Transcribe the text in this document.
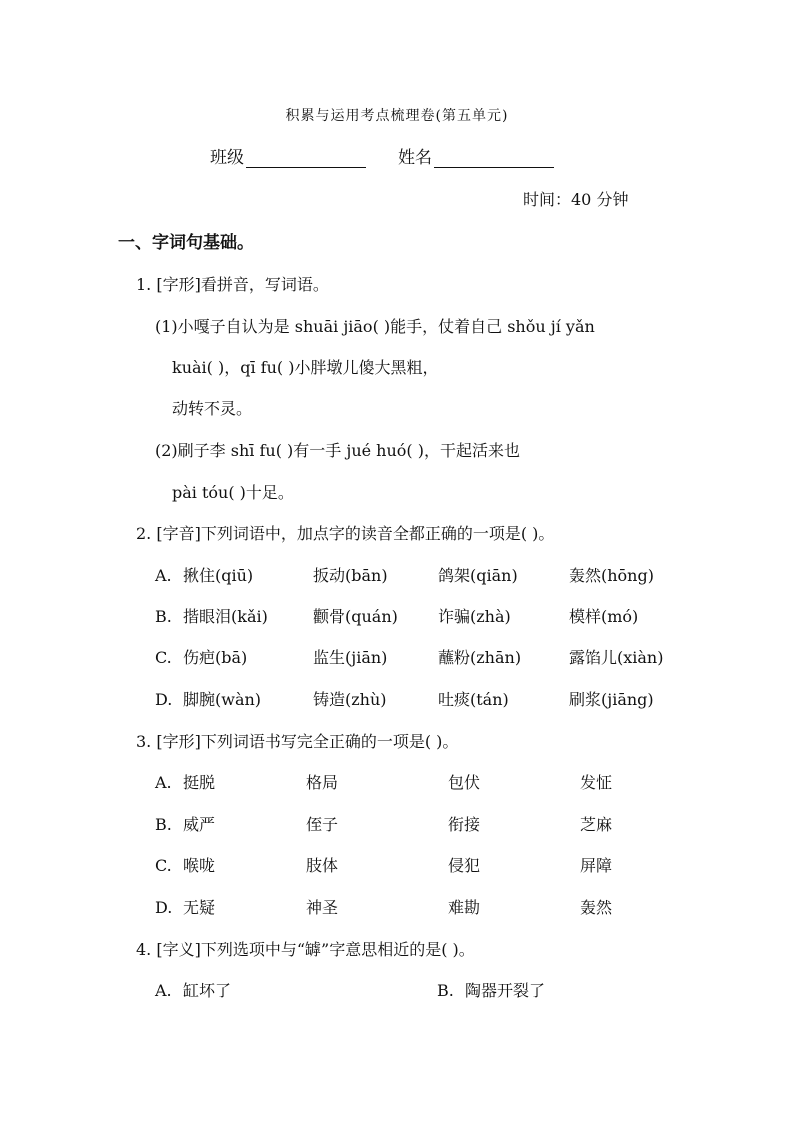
积累与运用考点梳理卷(第五单元)
班级	姓名
时间：40 分钟
一、字词句基础。
1. [字形]看拼音，写词语。
(1)小嘎子自认为是 shuāi jiāo( )能手，仗着自己 shǒu jí yǎn
kuài( )，qī fu( )小胖墩儿傻大黑粗，
动转不灵。
(2)刷子李 shī fu( )有一手 jué huó( )，干起活来也
pài tóu( )十足。
2. [字音]下列词语中，加点字的读音全都正确的一项是( )。
A. 揪住(qiū)	扳动(bān)	鸽架(qiān)	轰然(hōng)
B. 揩眼泪(kǎi)	颧骨(quán)	诈骗(zhà)	模样(mó)
C. 伤疤(bā)	监生(jiān)	蘸粉(zhān)	露馅儿(xiàn)
D. 脚腕(wàn)	铸造(zhù)	吐痰(tán)	刷浆(jiāng)
3. [字形]下列词语书写完全正确的一项是( )。
A. 挺脱	格局	包伏	发怔
B. 威严	侄子	衔接	芝麻
C. 喉咙	肢体	侵犯	屏障
D. 无疑	神圣	难勘	轰然
4. [字义]下列选项中与“罅”字意思相近的是( )。
A. 缸坏了	B. 陶器开裂了
